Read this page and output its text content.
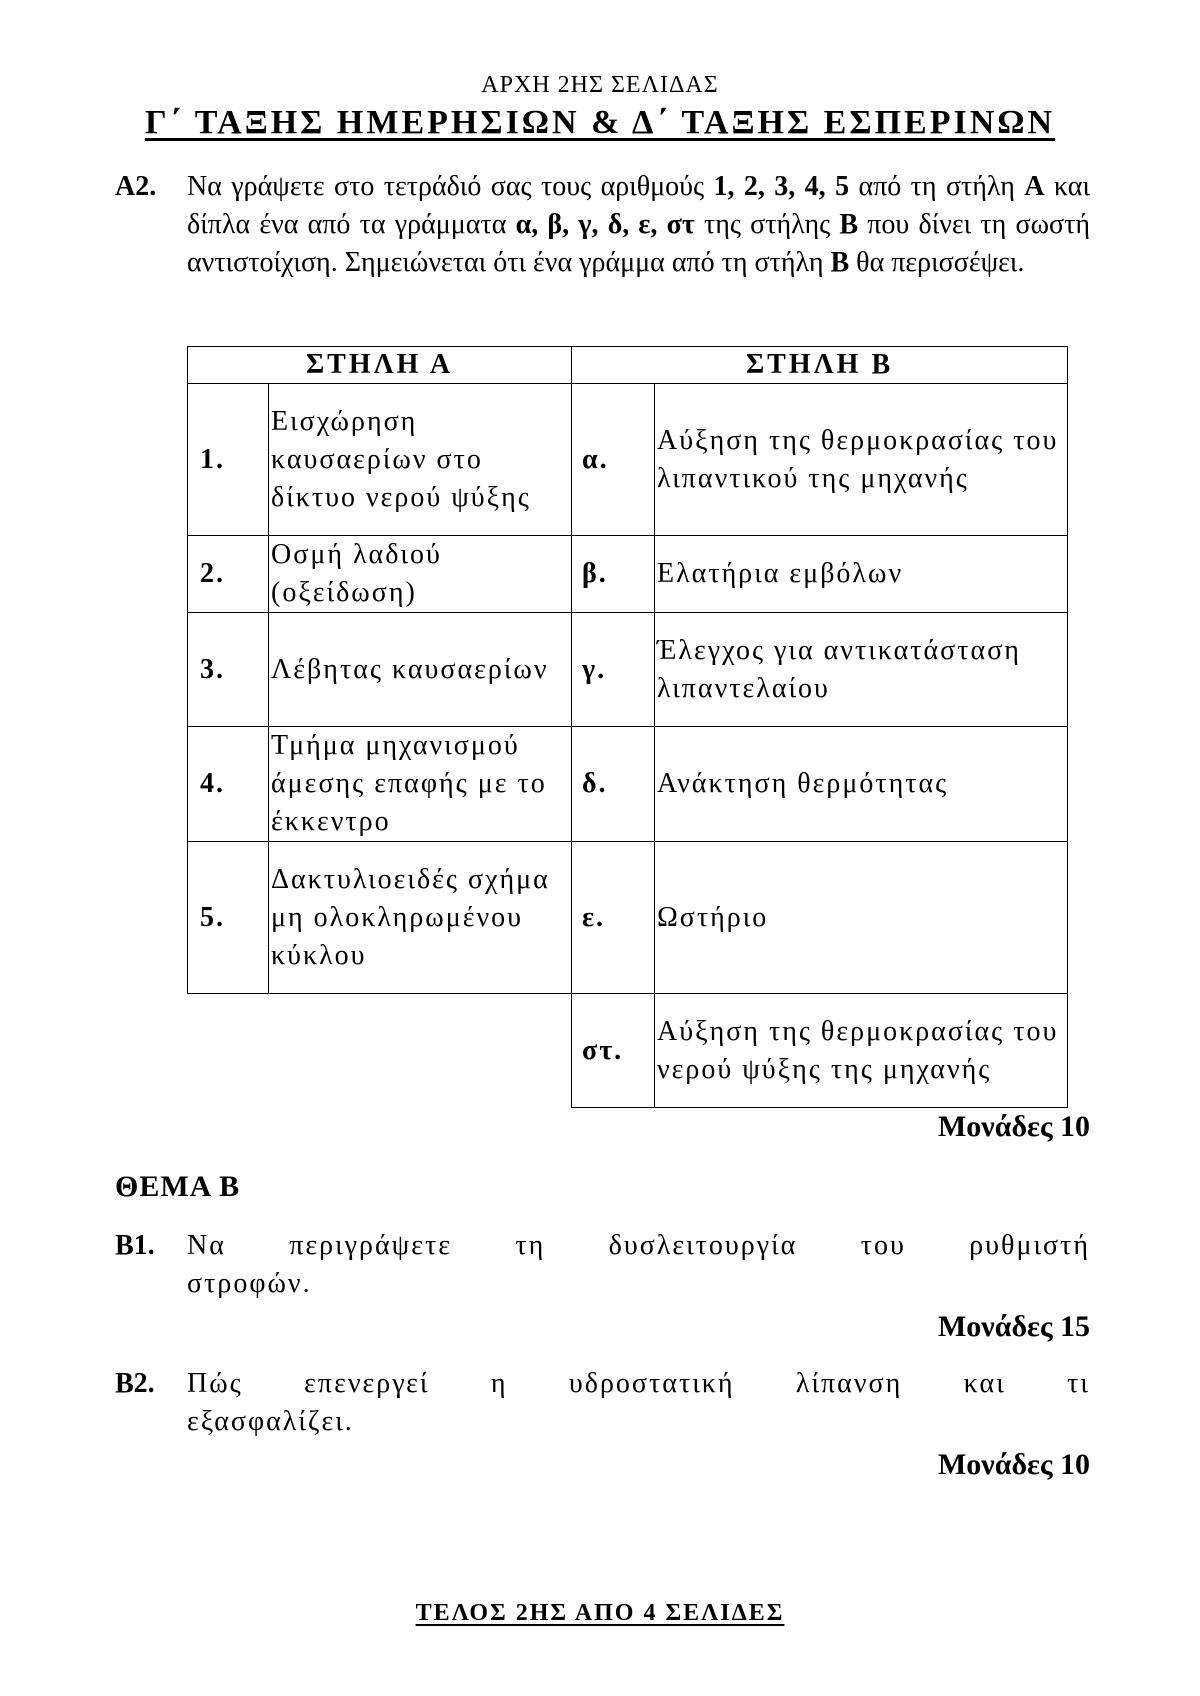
ΑΡΧΗ 2ΗΣ ΣΕΛΙΔΑΣ
Γ΄ ΤΑΞΗΣ ΗΜΕΡΗΣΙΩΝ & Δ΄ ΤΑΞΗΣ ΕΣΠΕΡΙΝΩΝ
Α2. Να γράψετε στο τετράδιό σας τους αριθμούς 1, 2, 3, 4, 5 από τη στήλη Α και δίπλα ένα από τα γράμματα α, β, γ, δ, ε, στ της στήλης Β που δίνει τη σωστή αντιστοίχιση. Σημειώνεται ότι ένα γράμμα από τη στήλη Β θα περισσέψει.
ΣΤΗΛΗ Α		ΣΤΗΛΗ Β	
1.	Εισχώρηση καυσαερίων στο δίκτυο νερού ψύξης	α.	Αύξηση της θερμοκρασίας του λιπαντικού της μηχανής
2.	Οσμή λαδιού (οξείδωση)	β.	Ελατήρια εμβόλων
3.	Λέβητας καυσαερίων	γ.	Έλεγχος για αντικατάσταση λιπαντελαίου
4.	Τμήμα μηχανισμού άμεσης επαφής με το έκκεντρο	δ.	Ανάκτηση θερμότητας
5.	Δακτυλιοειδές σχήμα μη ολοκληρωμένου κύκλου	ε.	Ωστήριο
		στ.	Αύξηση της θερμοκρασίας του νερού ψύξης της μηχανής
Μονάδες 10
ΘΕΜΑ Β
Β1. Να περιγράψετε τη δυσλειτουργία του ρυθμιστή
στροφών.
Μονάδες 15
Β2. Πώς επενεργεί η υδροστατική λίπανση και τι
εξασφαλίζει.
Μονάδες 10
ΤΕΛΟΣ 2ΗΣ ΑΠΟ 4 ΣΕΛΙΔΕΣ
